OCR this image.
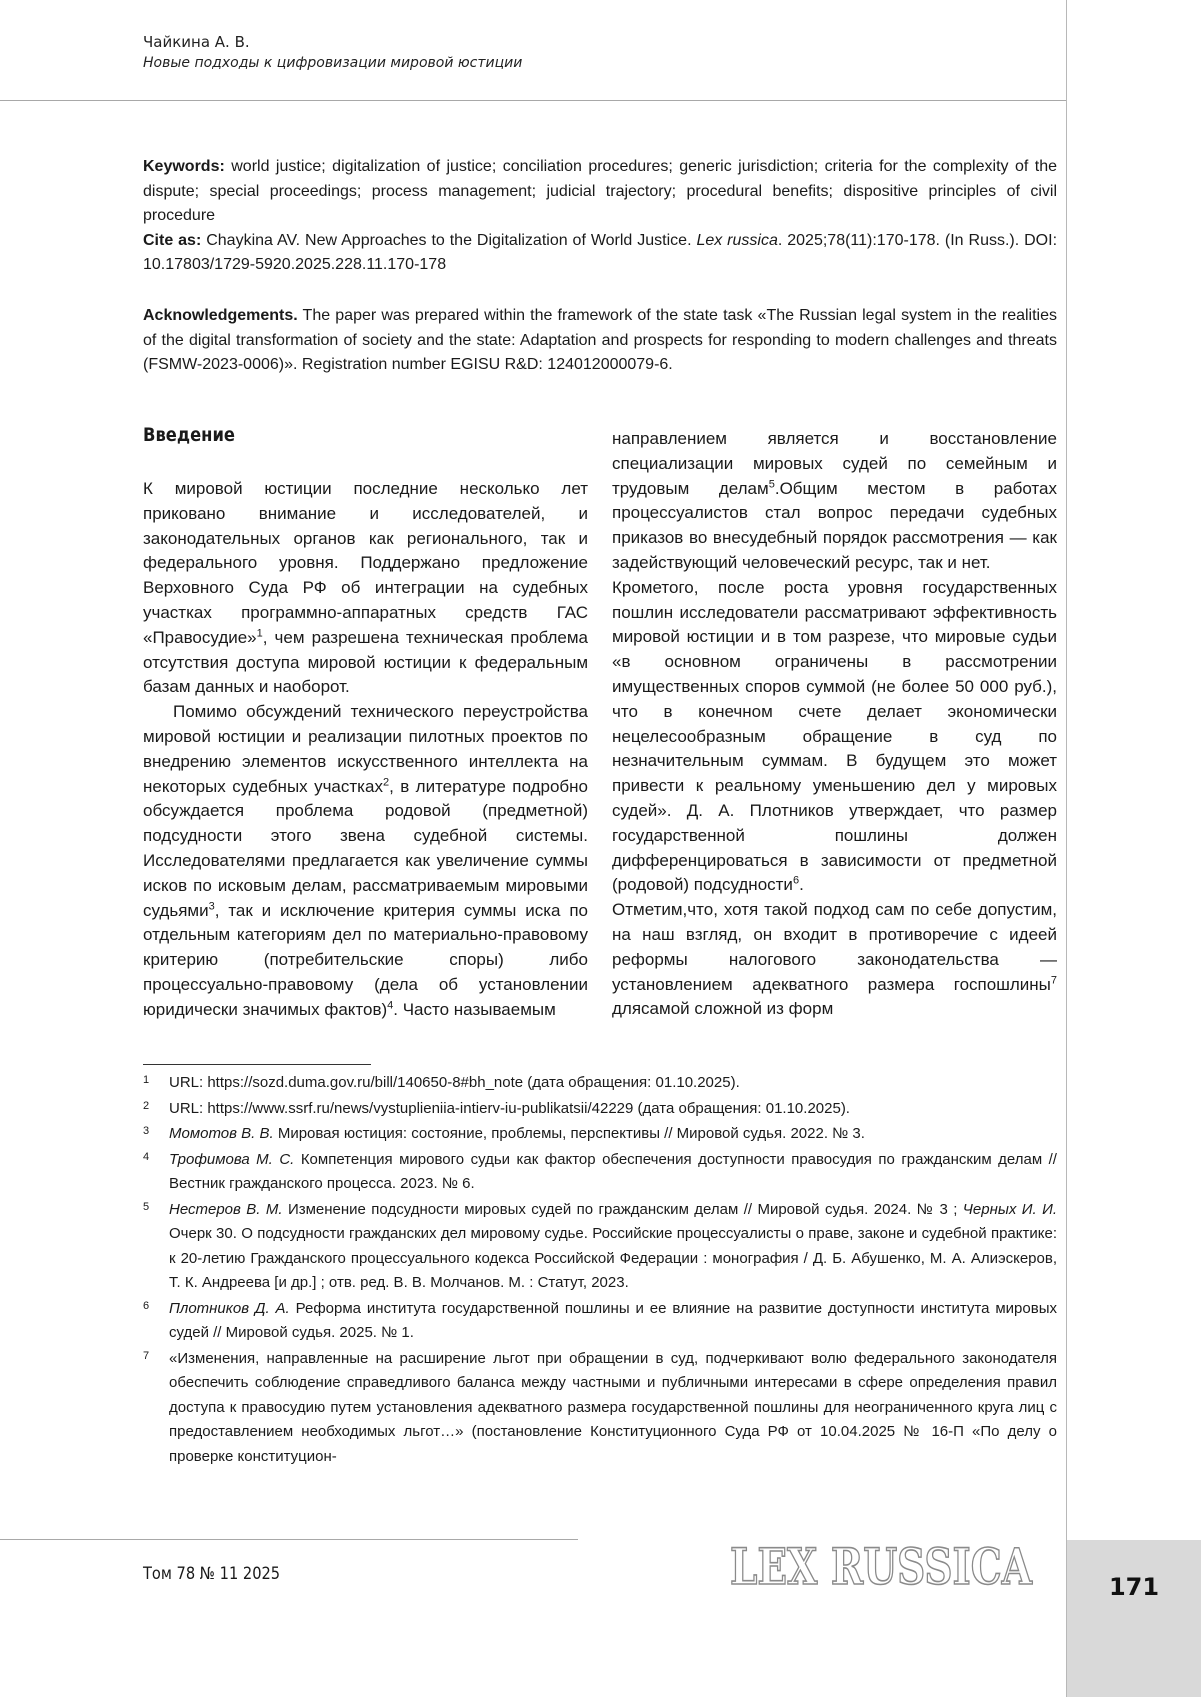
Чайкина А. В.
Новые подходы к цифровизации мировой юстиции
Keywords: world justice; digitalization of justice; conciliation procedures; generic jurisdiction; criteria for the complexity of the dispute; special proceedings; process management; judicial trajectory; procedural benefits; dispositive principles of civil procedure
Cite as: Chaykina AV. New Approaches to the Digitalization of World Justice. Lex russica. 2025;78(11):170-178. (In Russ.). DOI: 10.17803/1729-5920.2025.228.11.170-178
Acknowledgements. The paper was prepared within the framework of the state task «The Russian legal system in the realities of the digital transformation of society and the state: Adaptation and prospects for responding to modern challenges and threats (FSMW-2023-0006)». Registration number EGISU R&D: 124012000079-6.
Введение

К мировой юстиции последние несколько лет приковано внимание и исследователей, и законодательных органов как регионального, так и федерального уровня. Поддержано предложение Верховного Суда РФ об интеграции на судебных участках программно-аппаратных средств ГАС «Правосудие»$^1$, чем разрешена техническая проблема отсутствия доступа мировой юстиции к федеральным базам данных и наоборот.

Помимо обсуждений технического переустройства мировой юстиции и реализации пилотных проектов по внедрению элементов искусственного интеллекта на некоторых судебных участках$^2$, в литературе подробно обсуждается проблема родовой (предметной) подсудности этого звена судебной системы. Исследователями предлагается как увеличение суммы исков по исковым делам, рассматриваемым мировыми судьями$^3$, так и исключение критерия суммы иска по отдельным категориям дел по материально-правовому критерию (потребительские споры) либо процессуально-правовому (дела об установлении юридически значимых фактов)$^4$. Часто называемым

направлением является и восстановление специализации мировых судей по семейным и трудовым делам$^5$.Общим местом в работах процессуалистов стал вопрос передачи судебных приказов во внесудебный порядок рассмотрения — как задействующий человеческий ресурс, так и нет.

Крометого, после роста уровня государственных пошлин исследователи рассматривают эффективность мировой юстиции и в том разрезе, что мировые судьи «в основном ограничены в рассмотрении имущественных споров суммой (не более 50 000 руб.), что в конечном счете делает экономически нецелесообразным обращение в суд по незначительным суммам. В будущем это может привести к реальному уменьшению дел у мировых судей». Д. А. Плотников утверждает, что размер государственной пошлины должен дифференцироваться в зависимости от предметной (родовой) подсудности$^6$.

Отметим,что, хотя такой подход сам по себе допустим, на наш взгляд, он входит в противоречие с идеей реформы налогового законодательства — установлением адекватного размера госпошлины$^7$ длясамой сложной из форм

1	URL: https://sozd.duma.gov.ru/bill/140650-8#bh_note (дата обращения: 01.10.2025).
2	URL: https://www.ssrf.ru/news/vystuplieniia-intierv-iu-publikatsii/42229 (дата обращения: 01.10.2025).
3	Момотов В. В. Мировая юстиция: состояние, проблемы, перспективы // Мировой судья. 2022. № 3.
4	Трофимова М. С. Компетенция мирового судьи как фактор обеспечения доступности правосудия по гражданским делам // Вестник гражданского процесса. 2023. № 6.
5	Нестеров В. М. Изменение подсудности мировых судей по гражданским делам // Мировой судья. 2024. № 3 ; Черных И. И. Очерк 30. О подсудности гражданских дел мировому судье. Российские процессуалисты о праве, законе и судебной практике: к 20-летию Гражданского процессуального кодекса Российской Федерации : монография / Д. Б. Абушенко, М. А. Алиэскеров, Т. К. Андреева [и др.] ; отв. ред. В. В. Молчанов. М. : Статут, 2023.
6	Плотников Д. А. Реформа института государственной пошлины и ее влияние на развитие доступности института мировых судей // Мировой судья. 2025. № 1.
7	«Изменения, направленные на расширение льгот при обращении в суд, подчеркивают волю федерального законодателя обеспечить соблюдение справедливого баланса между частными и публичными интересами в сфере определения правил доступа к правосудию путем установления адекватного размера государственной пошлины для неограниченного круга лиц с предоставлением необходимых льгот…» (постановление Конституционного Суда РФ от 10.04.2025 № 16-П «По делу о проверке конституцион-
Том 78 № 11 2025	LEX RUSSICA	171
